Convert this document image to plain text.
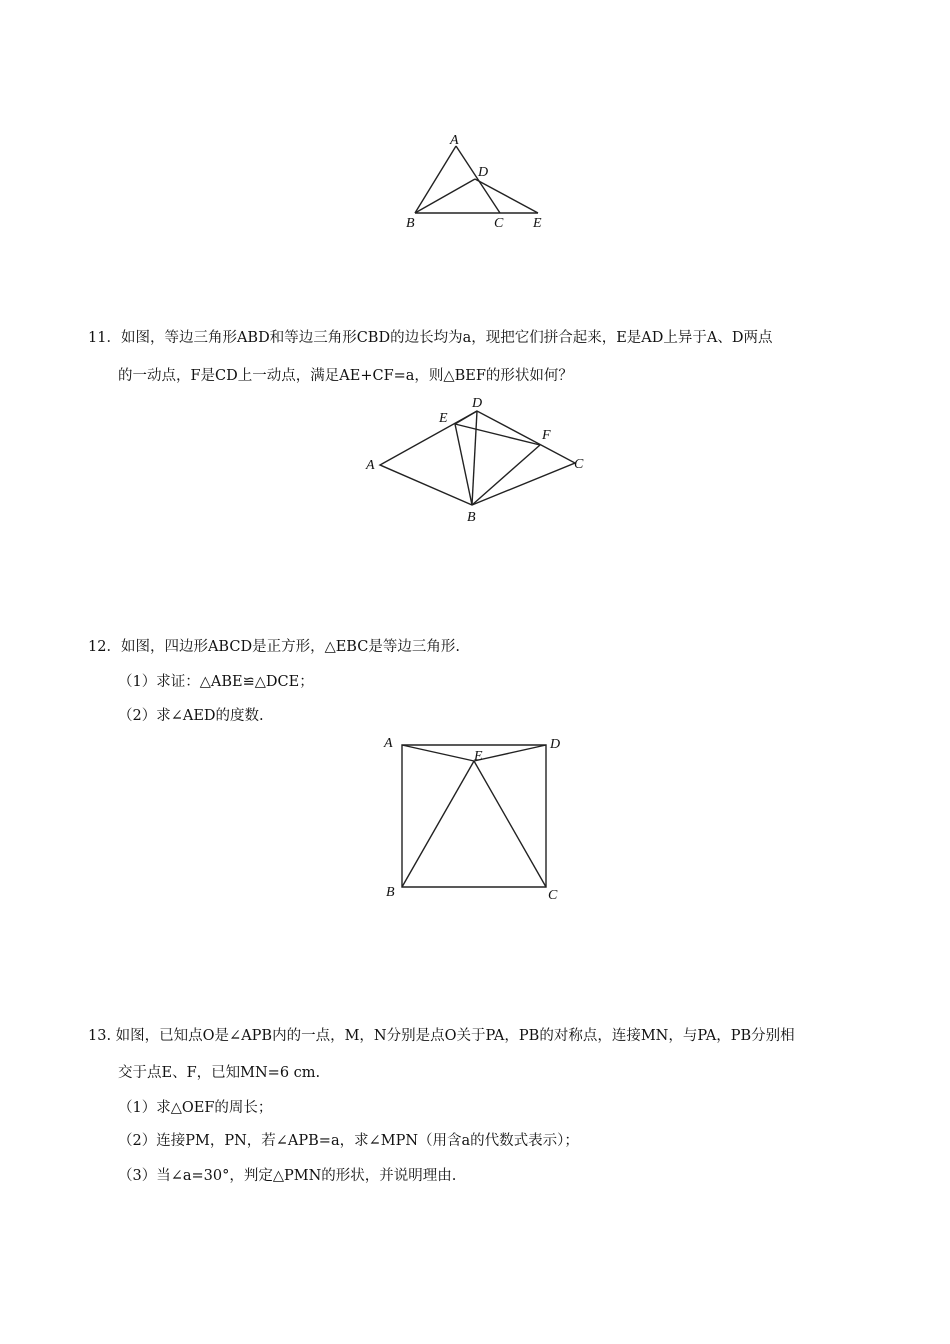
A
D
B	C E
11．如图，等边三角形ABD和等边三角形CBD的边长均为a，现把它们拼合起来，E是AD上异于A、D两点
的一动点，F是CD上一动点，满足AE+CF=a，则△BEF的形状如何？
A
E
D
F
C
B
12．如图，四边形ABCD是正方形，△EBC是等边三角形.
（1）求证：△ABE≌△DCE；
（2）求∠AED的度数.
A	D
E
B	C
13. 如图，已知点O是∠APB内的一点，M，N分别是点O关于PA，PB的对称点，连接MN，与PA，PB分别相
交于点E、F，已知MN=6 cm.
（1）求△OEF的周长；
（2）连接PM，PN，若∠APB=a，求∠MPN（用含a的代数式表示）；
（3）当∠a=30°，判定△PMN的形状，并说明理由.
